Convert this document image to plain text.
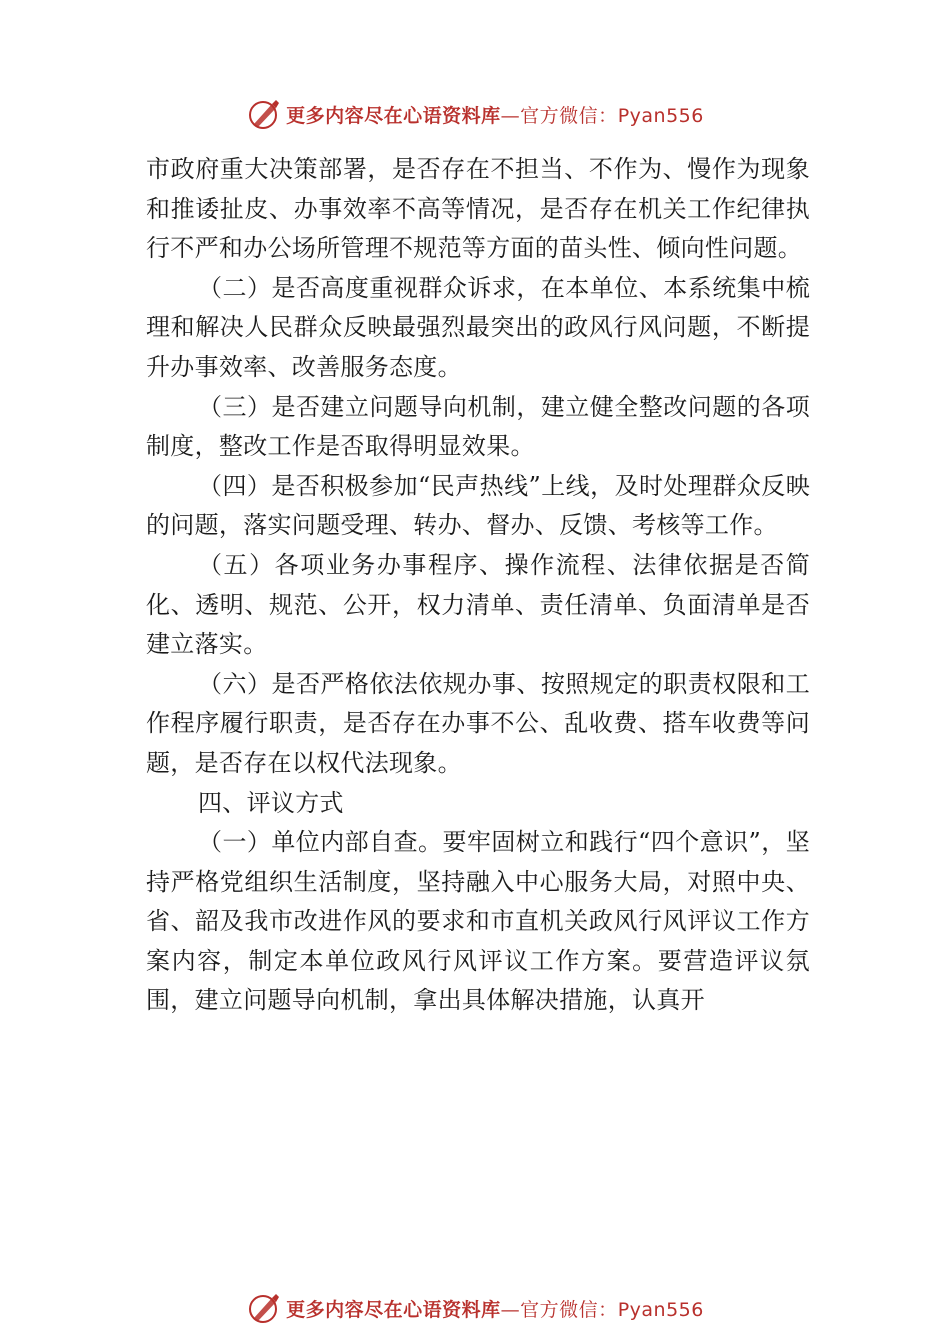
更多内容尽在心语资料库—官方微信：Pyan556

市政府重大决策部署，是否存在不担当、不作为、慢作为现象和推诿扯皮、办事效率不高等情况，是否存在机关工作纪律执行不严和办公场所管理不规范等方面的苗头性、倾向性问题。

（二）是否高度重视群众诉求，在本单位、本系统集中梳理和解决人民群众反映最强烈最突出的政风行风问题，不断提升办事效率、改善服务态度。

（三）是否建立问题导向机制，建立健全整改问题的各项制度，整改工作是否取得明显效果。

（四）是否积极参加“民声热线”上线，及时处理群众反映的问题，落实问题受理、转办、督办、反馈、考核等工作。

（五）各项业务办事程序、操作流程、法律依据是否简化、透明、规范、公开，权力清单、责任清单、负面清单是否建立落实。

（六）是否严格依法依规办事、按照规定的职责权限和工作程序履行职责，是否存在办事不公、乱收费、搭车收费等问题，是否存在以权代法现象。

四、评议方式

（一）单位内部自查。要牢固树立和践行“四个意识”，坚持严格党组织生活制度，坚持融入中心服务大局，对照中央、省、韶及我市改进作风的要求和市直机关政风行风评议工作方案内容，制定本单位政风行风评议工作方案。要营造评议氛围，建立问题导向机制，拿出具体解决措施，认真开

更多内容尽在心语资料库—官方微信：Pyan556
